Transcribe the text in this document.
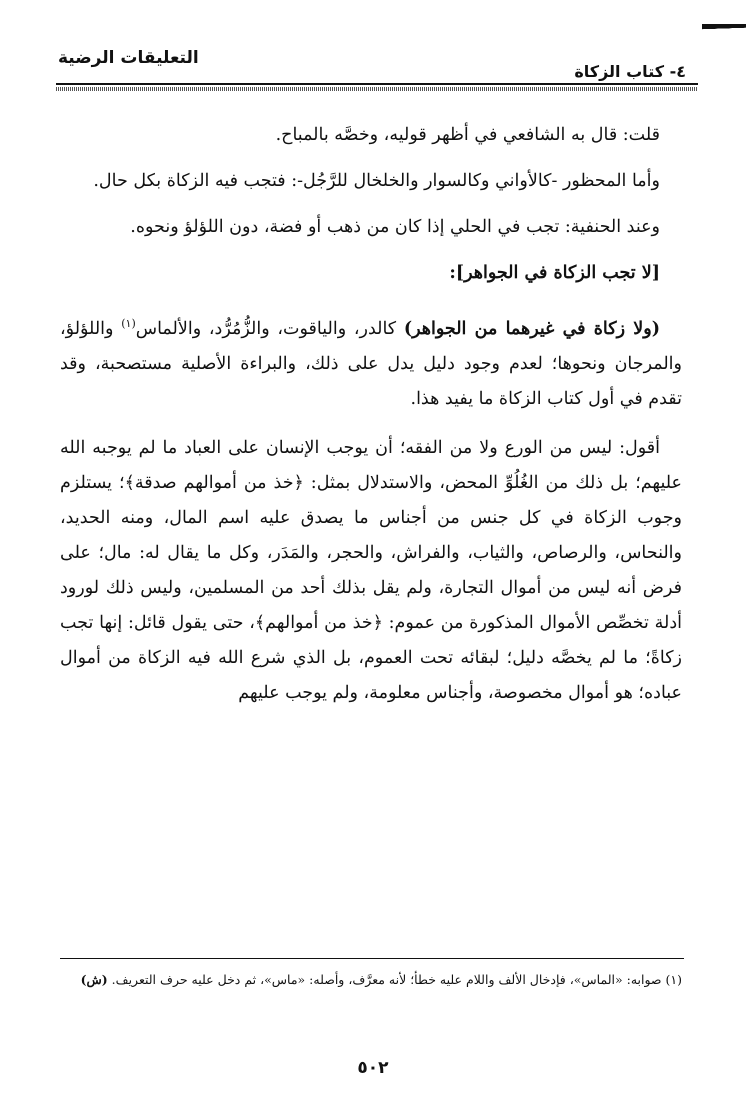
التعليقات الرضية
٤- كتاب الزكاة

قلت: قال به الشافعي في أظهر قوليه، وخصَّه بالمباح.

وأما المحظور -كالأواني وكالسوار والخلخال للرَّجُل-: فتجب فيه الزكاة بكل حال.

وعند الحنفية: تجب في الحلي إذا كان من ذهب أو فضة، دون اللؤلؤ ونحوه.

[لا تجب الزكاة في الجواهر]:

(ولا زكاة في غيرهما من الجواهر) كالدر، والياقوت، والزُّمُرُّد، والألماس$^{(١)}$ واللؤلؤ، والمرجان ونحوها؛ لعدم وجود دليل يدل على ذلك، والبراءة الأصلية مستصحبة، وقد تقدم في أول كتاب الزكاة ما يفيد هذا.

أقول: ليس من الورع ولا من الفقه؛ أن يوجب الإنسان على العباد ما لم يوجبه الله عليهم؛ بل ذلك من الغُلُوِّ المحض، والاستدلال بمثل: ﴿خذ من أموالهم صدقة﴾؛ يستلزم وجوب الزكاة في كل جنس من أجناس ما يصدق عليه اسم المال، ومنه الحديد، والنحاس، والرصاص، والثياب، والفراش، والحجر، والمَدَر، وكل ما يقال له: مال؛ على فرض أنه ليس من أموال التجارة، ولم يقل بذلك أحد من المسلمين، وليس ذلك لورود أدلة تخصِّص الأموال المذكورة من عموم: ﴿خذ من أموالهم﴾، حتى يقول قائل: إنها تجب زكاةً؛ ما لم يخصَّه دليل؛ لبقائه تحت العموم، بل الذي شرع الله فيه الزكاة من أموال عباده؛ هو أموال مخصوصة، وأجناس معلومة، ولم يوجب عليهم

(١) صوابه: «الماس»، فإدخال الألف واللام عليه خطأ؛ لأنه معرَّف، وأصله: «ماس»، ثم دخل عليه حرف التعريف. (ش)
٥٠٢
